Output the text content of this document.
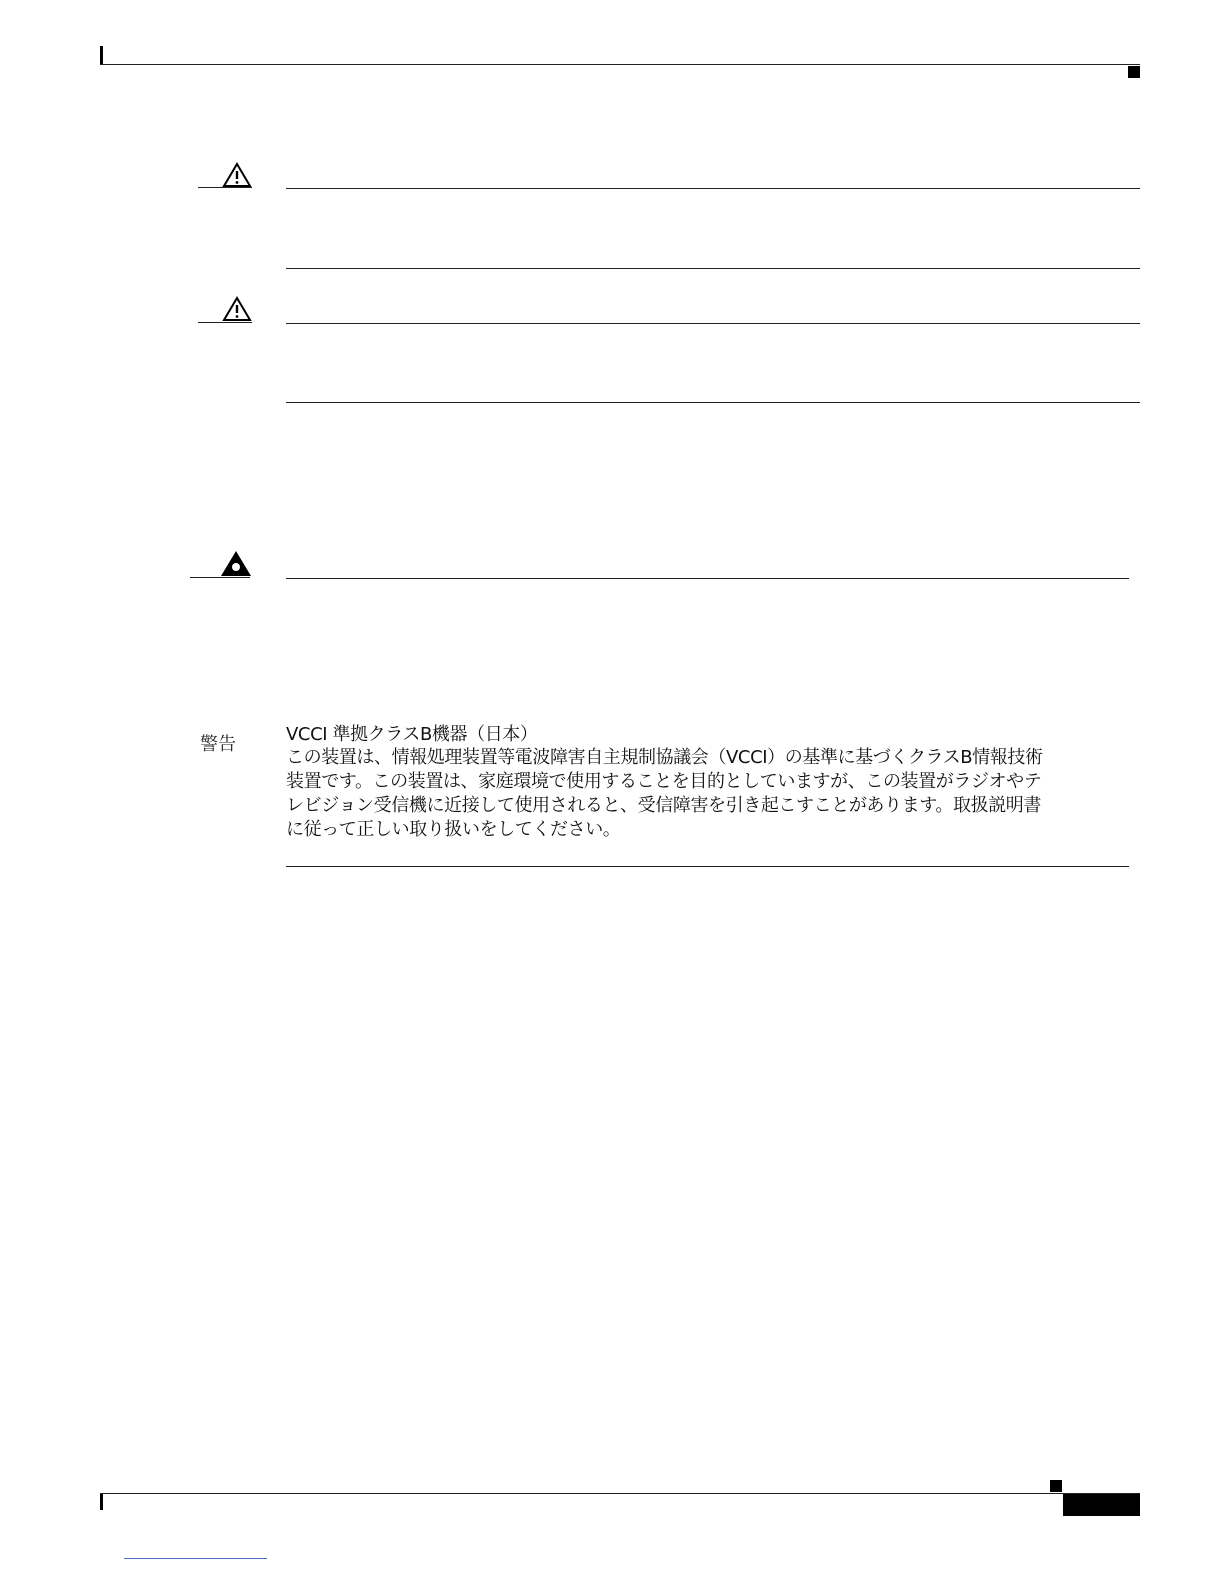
警告	VCCI 準拠クラスB機器（日本）
この装置は、情報処理装置等電波障害自主規制協議会（VCCI）の基準に基づくクラスB情報技術
装置です。この装置は、家庭環境で使用することを目的としていますが、この装置がラジオやテ
レビジョン受信機に近接して使用されると、受信障害を引き起こすことがあります。取扱説明書
に従って正しい取り扱いをしてください。
